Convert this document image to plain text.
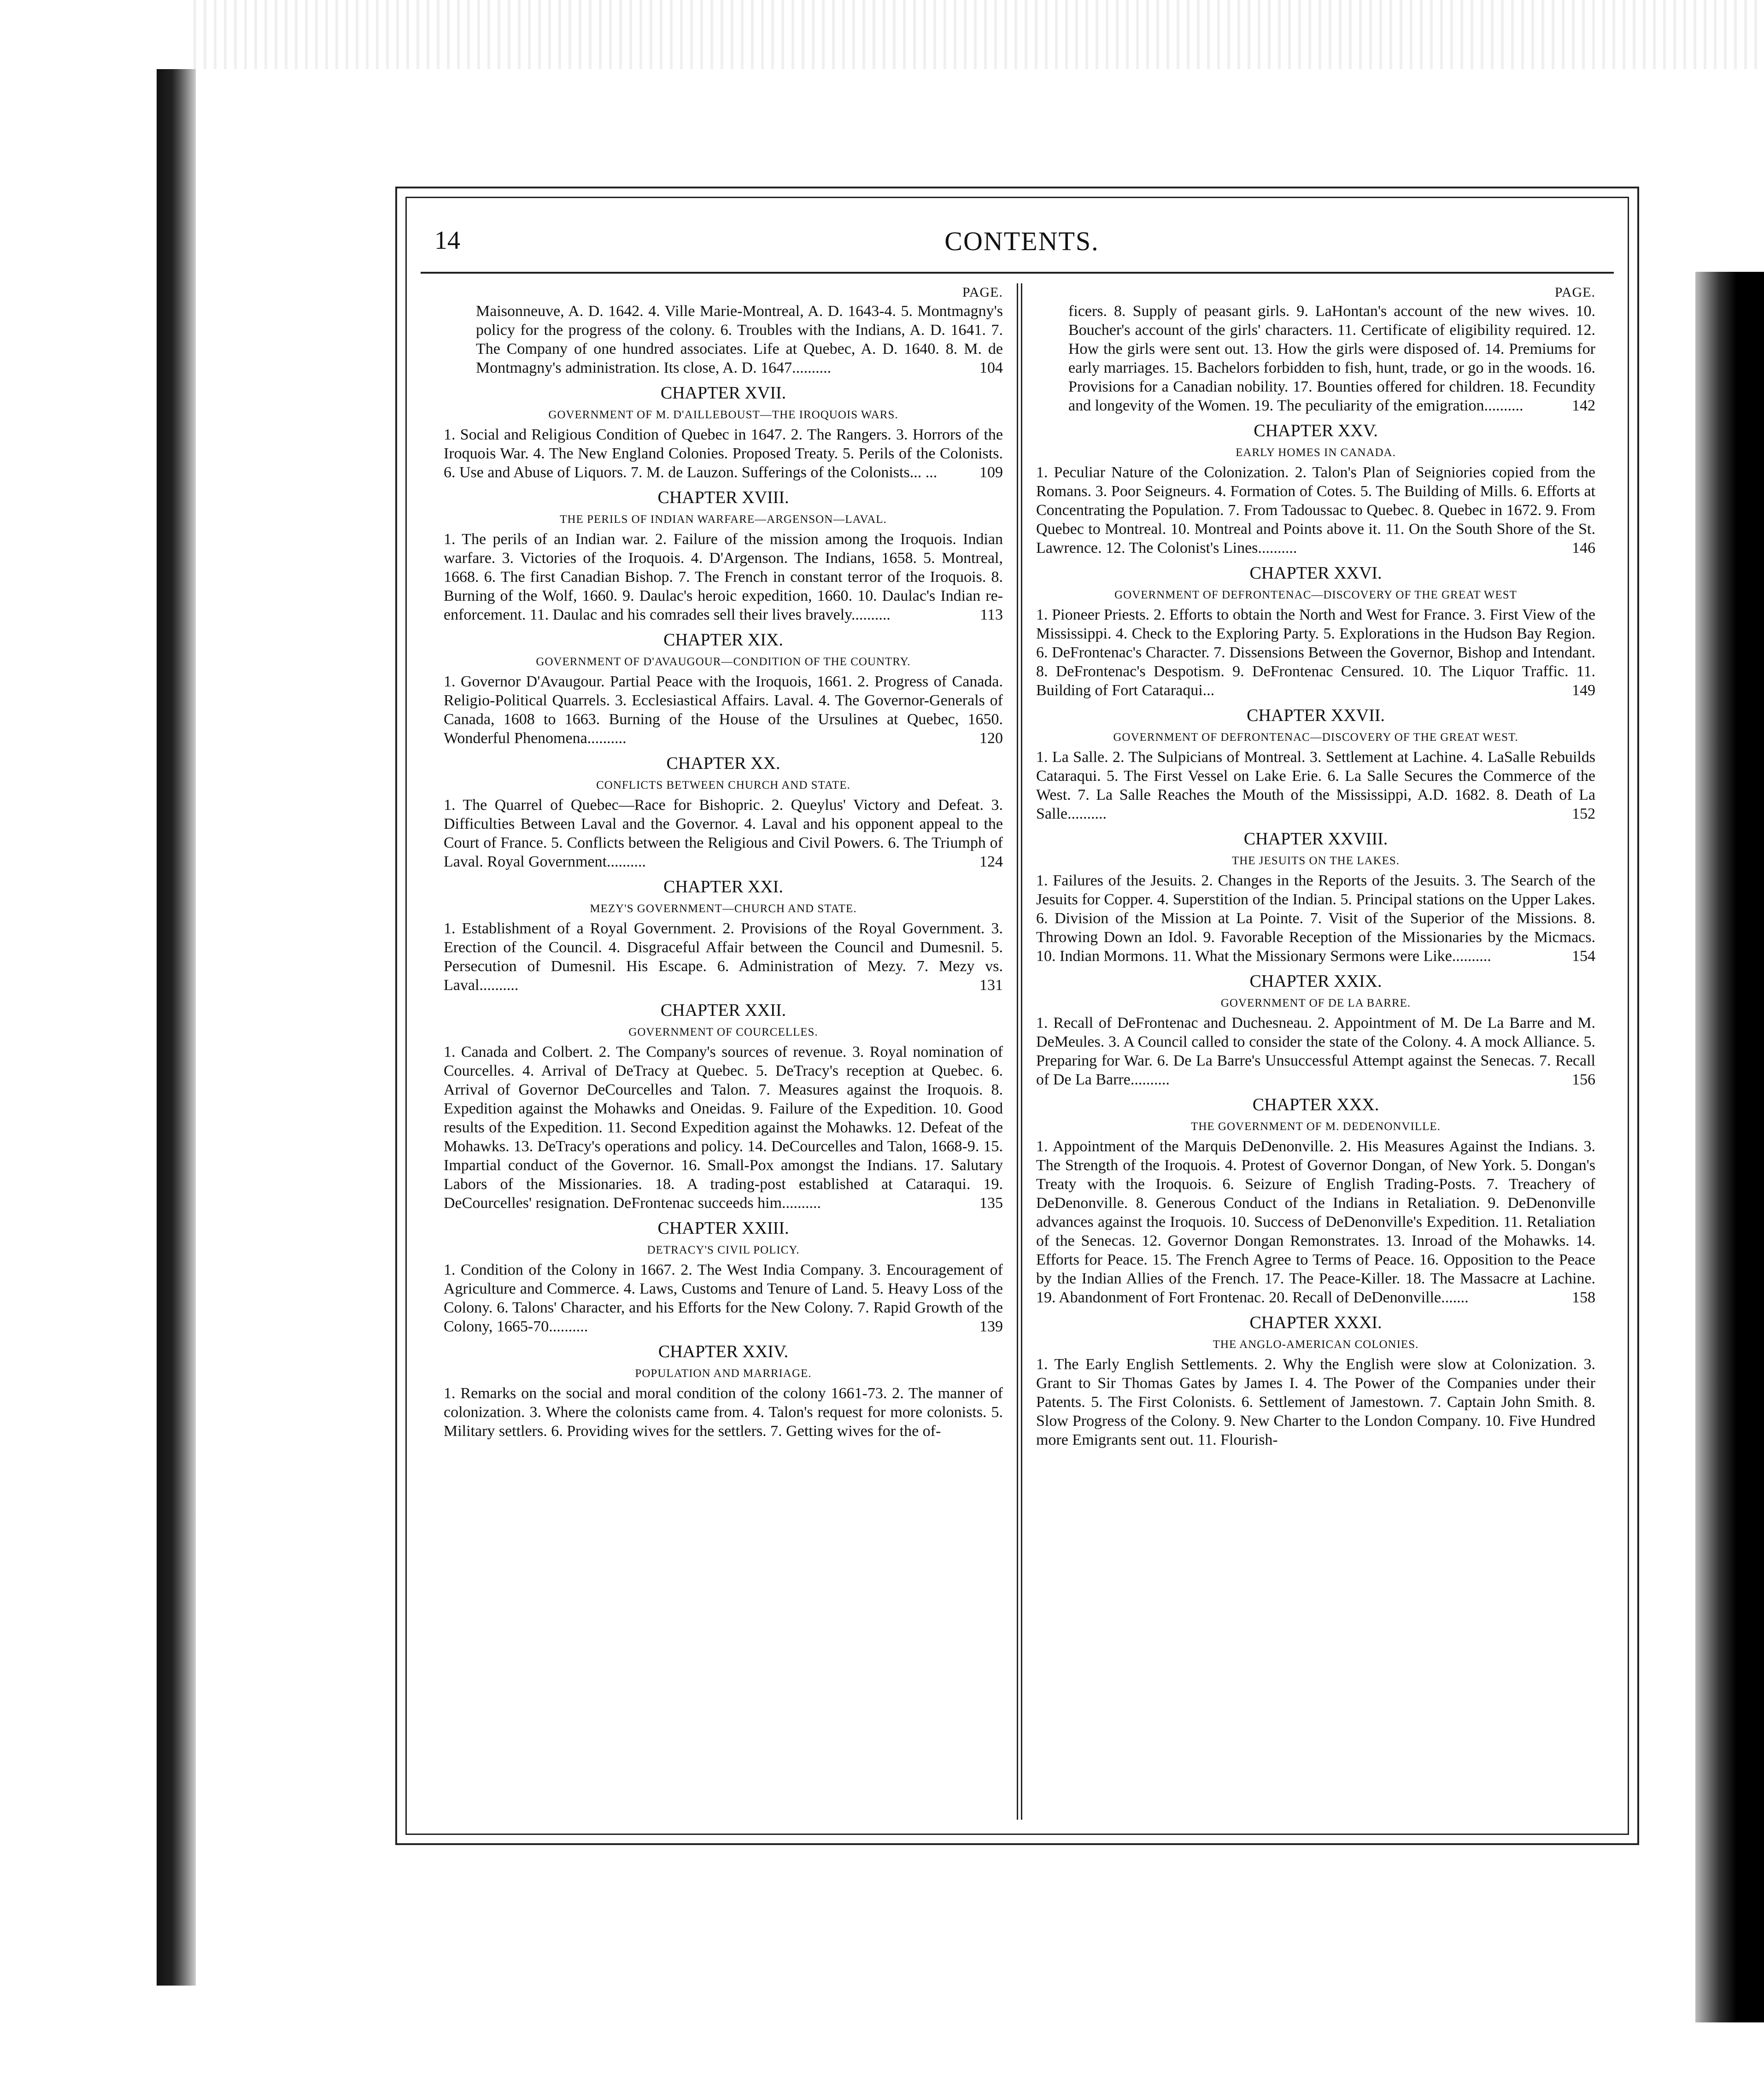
CONTENTS.
14
PAGE.
Maisonneuve, A. D. 1642. 4. Ville Marie-Montreal, A. D. 1643-4. 5. Montmagny's policy for the progress of the colony. 6. Troubles with the Indians, A. D. 1641. 7. The Company of one hundred associates. Life at Quebec, A. D. 1640. 8. M. de Montmagny's administration. Its close, A. D. 1647..........	104
CHAPTER XVII.
GOVERNMENT OF M. D'AILLEBOUST—THE IROQUOIS WARS.
1. Social and Religious Condition of Quebec in 1647. 2. The Rangers. 3. Horrors of the Iroquois War. 4. The New England Colonies. Proposed Treaty. 5. Perils of the Colonists. 6. Use and Abuse of Liquors. 7. M. de Lauzon. Sufferings of the Colonists... ...	109
CHAPTER XVIII.
THE PERILS OF INDIAN WARFARE—ARGENSON—LAVAL.
1. The perils of an Indian war. 2. Failure of the mission among the Iroquois. Indian warfare. 3. Victories of the Iroquois. 4. D'Argenson. The Indians, 1658. 5. Montreal, 1668. 6. The first Canadian Bishop. 7. The French in constant terror of the Iroquois. 8. Burning of the Wolf, 1660. 9. Daulac's heroic expedition, 1660. 10. Daulac's Indian re-enforcement. 11. Daulac and his comrades sell their lives bravely..........	113
CHAPTER XIX.
GOVERNMENT OF D'AVAUGOUR—CONDITION OF THE COUNTRY.
1. Governor D'Avaugour. Partial Peace with the Iroquois, 1661. 2. Progress of Canada. Religio-Political Quarrels. 3. Ecclesiastical Affairs. Laval. 4. The Governor-Generals of Canada, 1608 to 1663. Burning of the House of the Ursulines at Quebec, 1650. Wonderful Phenomena..........	120
CHAPTER XX.
CONFLICTS BETWEEN CHURCH AND STATE.
1. The Quarrel of Quebec—Race for Bishopric. 2. Queylus' Victory and Defeat. 3. Difficulties Between Laval and the Governor. 4. Laval and his opponent appeal to the Court of France. 5. Conflicts between the Religious and Civil Powers. 6. The Triumph of Laval. Royal Government..........	124
CHAPTER XXI.
MEZY'S GOVERNMENT—CHURCH AND STATE.
1. Establishment of a Royal Government. 2. Provisions of the Royal Government. 3. Erection of the Council. 4. Disgraceful Affair between the Council and Dumesnil. 5. Persecution of Dumesnil. His Escape. 6. Administration of Mezy. 7. Mezy vs. Laval..........	131
CHAPTER XXII.
GOVERNMENT OF COURCELLES.
1. Canada and Colbert. 2. The Company's sources of revenue. 3. Royal nomination of Courcelles. 4. Arrival of DeTracy at Quebec. 5. DeTracy's reception at Quebec. 6. Arrival of Governor DeCourcelles and Talon. 7. Measures against the Iroquois. 8. Expedition against the Mohawks and Oneidas. 9. Failure of the Expedition. 10. Good results of the Expedition. 11. Second Expedition against the Mohawks. 12. Defeat of the Mohawks. 13. DeTracy's operations and policy. 14. DeCourcelles and Talon, 1668-9. 15. Impartial conduct of the Governor. 16. Small-Pox amongst the Indians. 17. Salutary Labors of the Missionaries. 18. A trading-post established at Cataraqui. 19. DeCourcelles' resignation. DeFrontenac succeeds him..........	135
CHAPTER XXIII.
DETRACY'S CIVIL POLICY.
1. Condition of the Colony in 1667. 2. The West India Company. 3. Encouragement of Agriculture and Commerce. 4. Laws, Customs and Tenure of Land. 5. Heavy Loss of the Colony. 6. Talons' Character, and his Efforts for the New Colony. 7. Rapid Growth of the Colony, 1665-70..........	139
CHAPTER XXIV.
POPULATION AND MARRIAGE.
1. Remarks on the social and moral condition of the colony 1661-73. 2. The manner of colonization. 3. Where the colonists came from. 4. Talon's request for more colonists. 5. Military settlers. 6. Providing wives for the settlers. 7. Getting wives for the of-
PAGE.
ficers. 8. Supply of peasant girls. 9. LaHontan's account of the new wives. 10. Boucher's account of the girls' characters. 11. Certificate of eligibility required. 12. How the girls were sent out. 13. How the girls were disposed of. 14. Premiums for early marriages. 15. Bachelors forbidden to fish, hunt, trade, or go in the woods. 16. Provisions for a Canadian nobility. 17. Bounties offered for children. 18. Fecundity and longevity of the Women. 19. The peculiarity of the emigration..........	142
CHAPTER XXV.
EARLY HOMES IN CANADA.
1. Peculiar Nature of the Colonization. 2. Talon's Plan of Seigniories copied from the Romans. 3. Poor Seigneurs. 4. Formation of Cotes. 5. The Building of Mills. 6. Efforts at Concentrating the Population. 7. From Tadoussac to Quebec. 8. Quebec in 1672. 9. From Quebec to Montreal. 10. Montreal and Points above it. 11. On the South Shore of the St. Lawrence. 12. The Colonist's Lines..........	146
CHAPTER XXVI.
GOVERNMENT OF DEFRONTENAC—DISCOVERY OF THE GREAT WEST
1. Pioneer Priests. 2. Efforts to obtain the North and West for France. 3. First View of the Mississippi. 4. Check to the Exploring Party. 5. Explorations in the Hudson Bay Region. 6. DeFrontenac's Character. 7. Dissensions Between the Governor, Bishop and Intendant. 8. DeFrontenac's Despotism. 9. DeFrontenac Censured. 10. The Liquor Traffic. 11. Building of Fort Cataraqui...	149
CHAPTER XXVII.
GOVERNMENT OF DEFRONTENAC—DISCOVERY OF THE GREAT WEST.
1. La Salle. 2. The Sulpicians of Montreal. 3. Settlement at Lachine. 4. LaSalle Rebuilds Cataraqui. 5. The First Vessel on Lake Erie. 6. La Salle Secures the Commerce of the West. 7. La Salle Reaches the Mouth of the Mississippi, A.D. 1682. 8. Death of La Salle..........	152
CHAPTER XXVIII.
THE JESUITS ON THE LAKES.
1. Failures of the Jesuits. 2. Changes in the Reports of the Jesuits. 3. The Search of the Jesuits for Copper. 4. Superstition of the Indian. 5. Principal stations on the Upper Lakes. 6. Division of the Mission at La Pointe. 7. Visit of the Superior of the Missions. 8. Throwing Down an Idol. 9. Favorable Reception of the Missionaries by the Micmacs. 10. Indian Mormons. 11. What the Missionary Sermons were Like..........	154
CHAPTER XXIX.
GOVERNMENT OF DE LA BARRE.
1. Recall of DeFrontenac and Duchesneau. 2. Appointment of M. De La Barre and M. DeMeules. 3. A Council called to consider the state of the Colony. 4. A mock Alliance. 5. Preparing for War. 6. De La Barre's Unsuccessful Attempt against the Senecas. 7. Recall of De La Barre..........	156
CHAPTER XXX.
THE GOVERNMENT OF M. DEDENONVILLE.
1. Appointment of the Marquis DeDenonville. 2. His Measures Against the Indians. 3. The Strength of the Iroquois. 4. Protest of Governor Dongan, of New York. 5. Dongan's Treaty with the Iroquois. 6. Seizure of English Trading-Posts. 7. Treachery of DeDenonville. 8. Generous Conduct of the Indians in Retaliation. 9. DeDenonville advances against the Iroquois. 10. Success of DeDenonville's Expedition. 11. Retaliation of the Senecas. 12. Governor Dongan Remonstrates. 13. Inroad of the Mohawks. 14. Efforts for Peace. 15. The French Agree to Terms of Peace. 16. Opposition to the Peace by the Indian Allies of the French. 17. The Peace-Killer. 18. The Massacre at Lachine. 19. Abandonment of Fort Frontenac. 20. Recall of DeDenonville.......	158
CHAPTER XXXI.
THE ANGLO-AMERICAN COLONIES.
1. The Early English Settlements. 2. Why the English were slow at Colonization. 3. Grant to Sir Thomas Gates by James I. 4. The Power of the Companies under their Patents. 5. The First Colonists. 6. Settlement of Jamestown. 7. Captain John Smith. 8. Slow Progress of the Colony. 9. New Charter to the London Company. 10. Five Hundred more Emigrants sent out. 11. Flourish-
